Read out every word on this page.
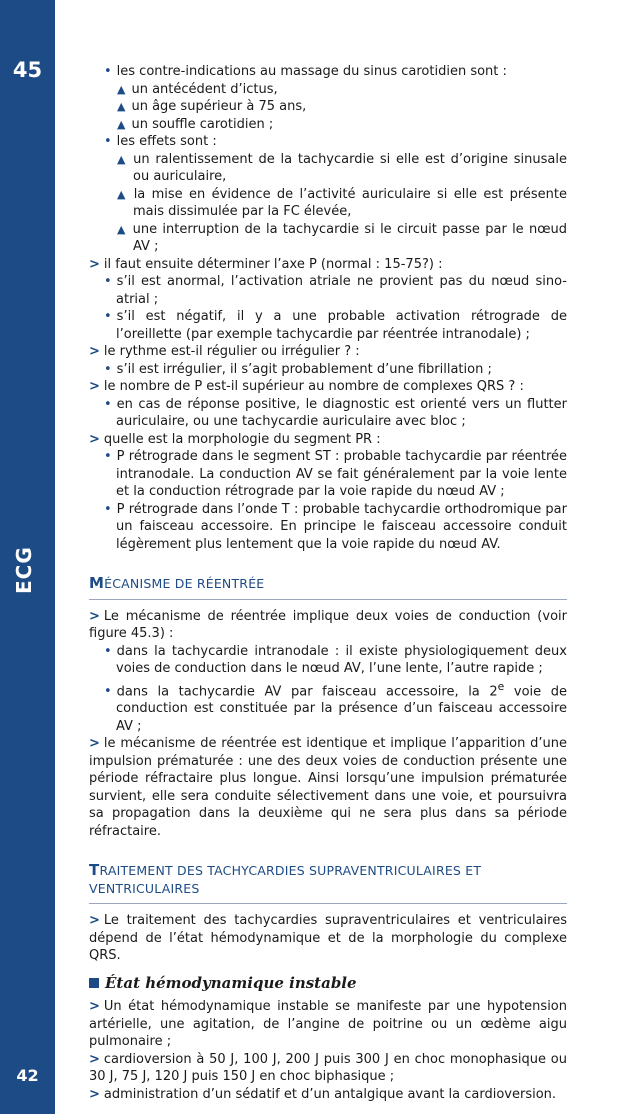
45
ECG
42

• les contre-indications au massage du sinus carotidien sont :

▲ un antécédent d’ictus,

▲ un âge supérieur à 75 ans,

▲ un souffle carotidien ;

• les effets sont :

▲ un ralentissement de la tachycardie si elle est d’origine sinusale ou auriculaire,

▲ la mise en évidence de l’activité auriculaire si elle est présente mais dissimulée par la FC élevée,

▲ une interruption de la tachycardie si le circuit passe par le nœud AV ;

> il faut ensuite déterminer l’axe P (normal : 15-75?) :

• s’il est anormal, l’activation atriale ne provient pas du nœud sino-atrial ;

• s’il est négatif, il y a une probable activation rétrograde de l’oreillette (par exemple tachycardie par réentrée intranodale) ;

> le rythme est-il régulier ou irrégulier ? :

• s’il est irrégulier, il s’agit probablement d’une fibrillation ;

> le nombre de P est-il supérieur au nombre de complexes QRS ? :

• en cas de réponse positive, le diagnostic est orienté vers un flutter auriculaire, ou une tachycardie auriculaire avec bloc ;

> quelle est la morphologie du segment PR :

• P rétrograde dans le segment ST : probable tachycardie par réentrée intranodale. La conduction AV se fait généralement par la voie lente et la conduction rétrograde par la voie rapide du nœud AV ;

• P rétrograde dans l’onde T : probable tachycardie orthodromique par un faisceau accessoire. En principe le faisceau accessoire conduit légèrement plus lentement que la voie rapide du nœud AV.

MÉCANISME DE RÉENTRÉE

> Le mécanisme de réentrée implique deux voies de conduction (voir figure 45.3) :

• dans la tachycardie intranodale : il existe physiologiquement deux voies de conduction dans le nœud AV, l’une lente, l’autre rapide ;

• dans la tachycardie AV par faisceau accessoire, la 2e voie de conduction est constituée par la présence d’un faisceau accessoire AV ;

> le mécanisme de réentrée est identique et implique l’apparition d’une impulsion prématurée : une des deux voies de conduction présente une période réfractaire plus longue. Ainsi lorsqu’une impulsion prématurée survient, elle sera conduite sélectivement dans une voie, et poursuivra sa propagation dans la deuxième qui ne sera plus dans sa période réfractaire.

TRAITEMENT DES TACHYCARDIES SUPRAVENTRICULAIRES ET VENTRICULAIRES

> Le traitement des tachycardies supraventriculaires et ventriculaires dépend de l’état hémodynamique et de la morphologie du complexe QRS.

État hémodynamique instable

> Un état hémodynamique instable se manifeste par une hypotension artérielle, une agitation, de l’angine de poitrine ou un œdème aigu pulmonaire ;

> cardioversion à 50 J, 100 J, 200 J puis 300 J en choc monophasique ou 30 J, 75 J, 120 J puis 150 J en choc biphasique ;

> administration d’un sédatif et d’un antalgique avant la cardioversion.
